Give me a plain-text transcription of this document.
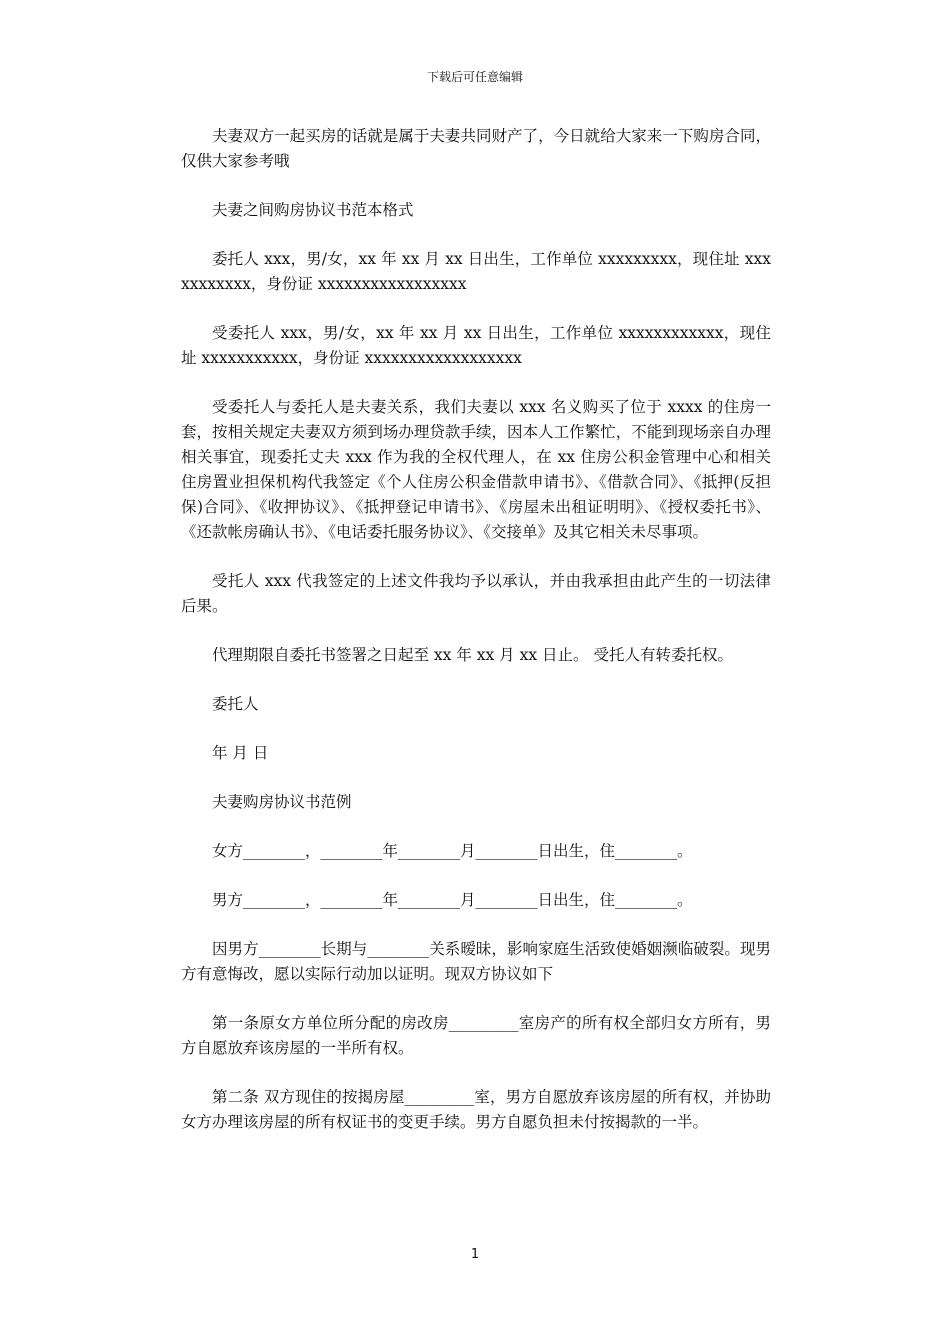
下载后可任意编辑

夫妻双方一起买房的话就是属于夫妻共同财产了，今日就给大家来一下购房合同，仅供大家参考哦

夫妻之间购房协议书范本格式

委托人 xxx，男/女，xx 年 xx 月 xx 日出生，工作单位 xxxxxxxxx，现住址 xxxxxxxxxxx，身份证 xxxxxxxxxxxxxxxxx

受委托人 xxx，男/女，xx 年 xx 月 xx 日出生，工作单位 xxxxxxxxxxxx，现住址 xxxxxxxxxxx，身份证 xxxxxxxxxxxxxxxxxx

受委托人与委托人是夫妻关系，我们夫妻以 xxx 名义购买了位于 xxxx 的住房一套，按相关规定夫妻双方须到场办理贷款手续，因本人工作繁忙，不能到现场亲自办理相关事宜，现委托丈夫 xxx 作为我的全权代理人，在 xx 住房公积金管理中心和相关住房置业担保机构代我签定《个人住房公积金借款申请书》、《借款合同》、《抵押(反担保)合同》、《收押协议》、《抵押登记申请书》、《房屋未出租证明明》、《授权委托书》、《还款帐房确认书》、《电话委托服务协议》、《交接单》及其它相关未尽事项。

受托人 xxx 代我签定的上述文件我均予以承认，并由我承担由此产生的一切法律后果。

代理期限自委托书签署之日起至 xx 年 xx 月 xx 日止。 受托人有转委托权。

委托人

年 月 日

夫妻购房协议书范例

女方________，________年________月________日出生，住________。

男方________，________年________月________日出生，住________。

因男方________长期与________关系暧昧，影响家庭生活致使婚姻濒临破裂。现男方有意悔改，愿以实际行动加以证明。现双方协议如下

第一条原女方单位所分配的房改房_________室房产的所有权全部归女方所有，男方自愿放弃该房屋的一半所有权。

第二条 双方现住的按揭房屋_________室，男方自愿放弃该房屋的所有权，并协助女方办理该房屋的所有权证书的变更手续。男方自愿负担未付按揭款的一半。

1
